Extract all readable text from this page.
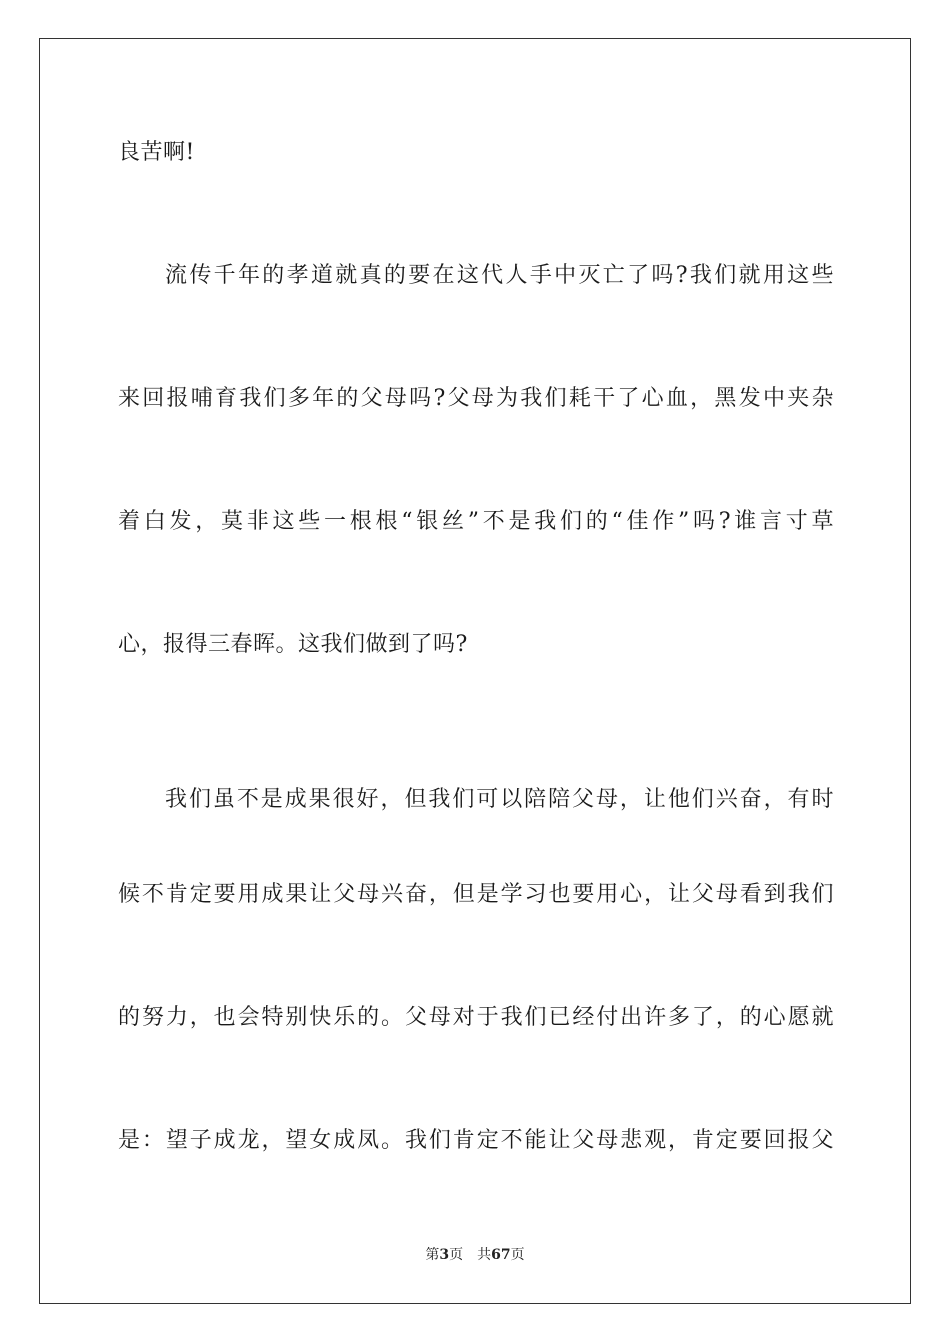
良苦啊!
流传千年的孝道就真的要在这代人手中灭亡了吗?我们就用这些
来回报哺育我们多年的父母吗?父母为我们耗干了心血，黑发中夹杂
着白发，莫非这些一根根“银丝”不是我们的“佳作”吗?谁言寸草
心，报得三春晖。这我们做到了吗?
我们虽不是成果很好，但我们可以陪陪父母，让他们兴奋，有时
候不肯定要用成果让父母兴奋，但是学习也要用心，让父母看到我们
的努力，也会特别快乐的。父母对于我们已经付出许多了，的心愿就
是：望子成龙，望女成凤。我们肯定不能让父母悲观，肯定要回报父
第3页 共67页
